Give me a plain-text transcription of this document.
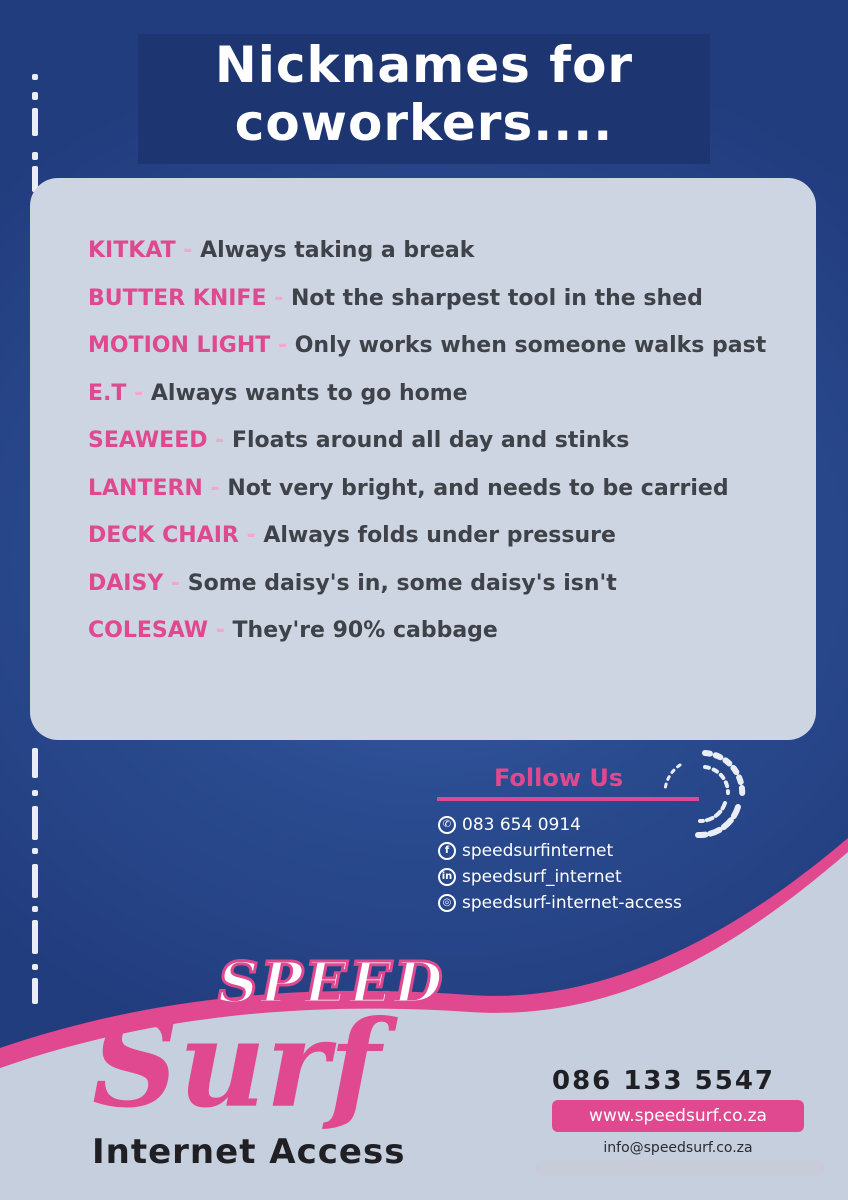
Nicknames for coworkers....
KITKAT - Always taking a break
BUTTER KNIFE - Not the sharpest tool in the shed
MOTION LIGHT - Only works when someone walks past
E.T - Always wants to go home
SEAWEED - Floats around all day and stinks
LANTERN - Not very bright, and needs to be carried
DECK CHAIR - Always folds under pressure
DAISY - Some daisy's in, some daisy's isn't
COLESAW - They're 90% cabbage
Follow Us
✆ 083 654 0914
f speedsurfinternet
in speedsurf_internet
◎ speedsurf-internet-access
SPEED
Surf
Internet Access
086 133 5547
www.speedsurf.co.za
info@speedsurf.co.za
